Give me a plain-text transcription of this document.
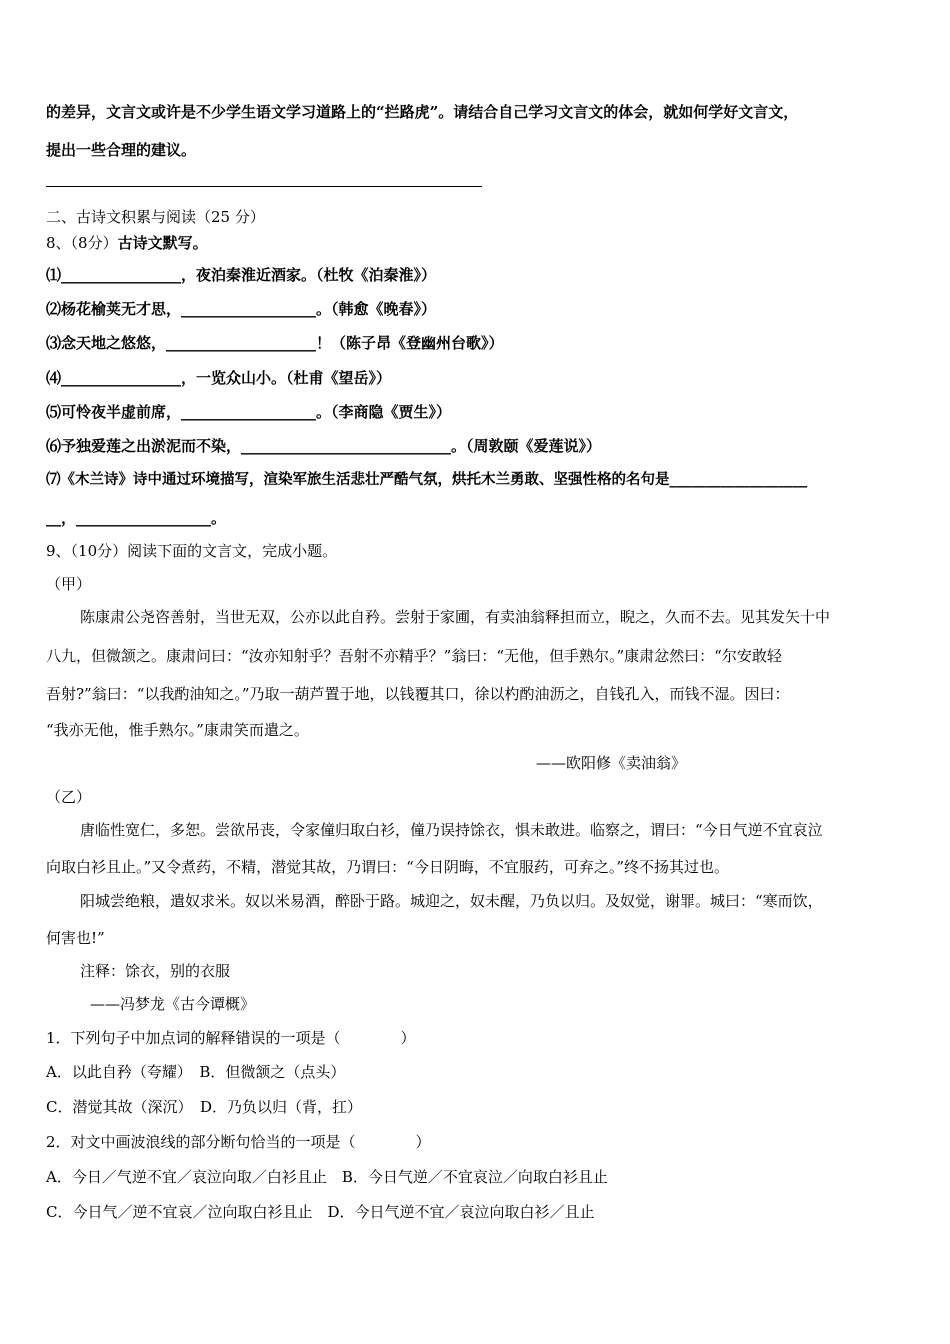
的差异，文言文或许是不少学生语文学习道路上的“拦路虎”。请结合自己学习文言文的体会，就如何学好文言文，
提出一些合理的建议。
二、古诗文积累与阅读（25 分）
8、（8分）古诗文默写。
⑴________________，夜泊秦淮近酒家。（杜牧《泊秦淮》）
⑵杨花榆荚无才思，__________________。（韩愈《晚春》）
⑶念天地之悠悠，____________________！（陈子昂《登幽州台歌》）
⑷________________，一览众山小。（杜甫《望岳》）
⑸可怜夜半虚前席，__________________。（李商隐《贾生》）
⑹予独爱莲之出淤泥而不染，____________________________。（周敦颐《爱莲说》）
⑺《木兰诗》诗中通过环境描写，渲染军旅生活悲壮严酷气氛，烘托木兰勇敢、坚强性格的名句是___________________
__，__________________。
9、（10分）阅读下面的文言文，完成小题。
（甲）
陈康肃公尧咨善射，当世无双，公亦以此自矜。尝射于家圃，有卖油翁释担而立，睨之，久而不去。见其发矢十中
八九，但微颔之。康肃问曰：“汝亦知射乎？吾射不亦精乎？”翁曰：“无他，但手熟尔。”康肃忿然曰：“尔安敢轻
吾射?”翁曰：“以我酌油知之。”乃取一葫芦置于地，以钱覆其口，徐以杓酌油沥之，自钱孔入，而钱不湿。因曰：
“我亦无他，惟手熟尔。”康肃笑而遣之。
——欧阳修《卖油翁》
（乙）
唐临性宽仁，多恕。尝欲吊丧，令家僮归取白衫，僮乃误持馀衣，惧未敢进。临察之，谓曰：“今日气逆不宜哀泣
向取白衫且止。”又令煮药，不精，潜觉其故，乃谓曰：“今日阴晦，不宜服药，可弃之。”终不扬其过也。
阳城尝绝粮，遣奴求米。奴以米易酒，醉卧于路。城迎之，奴未醒，乃负以归。及奴觉，谢罪。城曰：“寒而饮，
何害也!”
注释：馀衣，别的衣服
——冯梦龙《古今谭概》
1．下列句子中加点词的解释错误的一项是（　　　　）
A．以此自矜（夸耀）　B．但微颔之（点头）
C．潜觉其故（深沉）　D．乃负以归（背，扛）
2．对文中画波浪线的部分断句恰当的一项是（　　　　）
A．今日／气逆不宜／哀泣向取／白衫且止　B．今日气逆／不宜哀泣／向取白衫且止
C．今日气／逆不宜哀／泣向取白衫且止　D．今日气逆不宜／哀泣向取白衫／且止
